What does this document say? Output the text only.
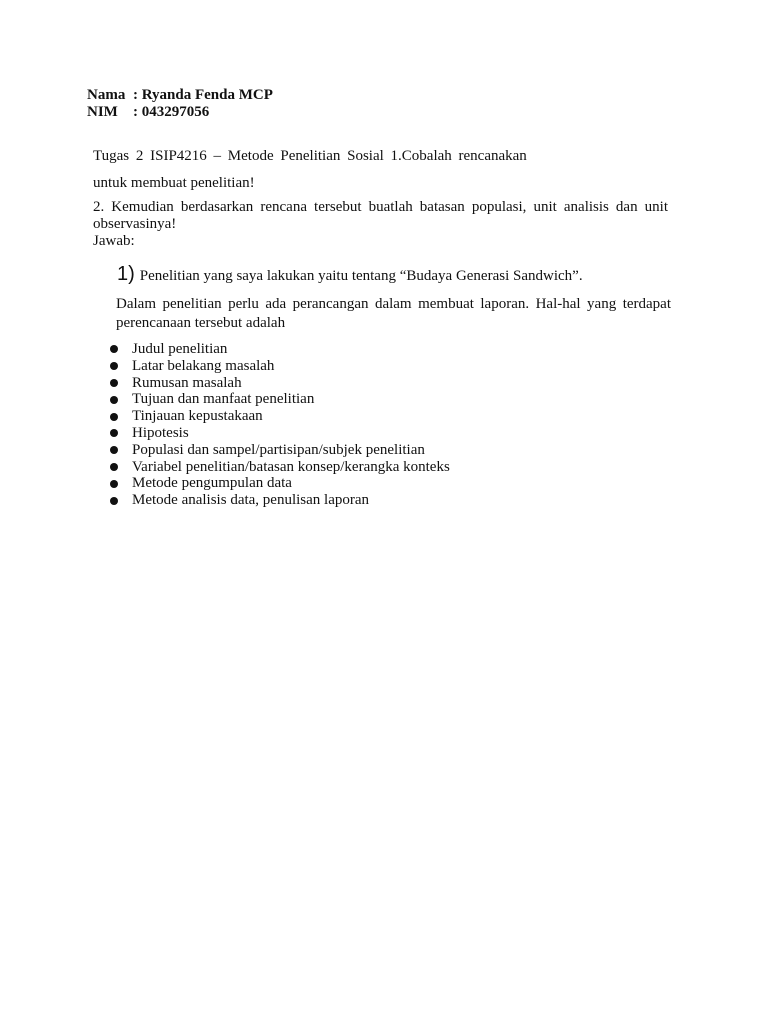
Nama : Ryanda Fenda MCP
NIM	: 043297056
Tugas 2 ISIP4216 – Metode Penelitian Sosial 1.Cobalah rencanakan
untuk membuat penelitian!
2. Kemudian berdasarkan rencana tersebut buatlah batasan populasi, unit analisis dan unit observasinya!
Jawab:
1) Penelitian yang saya lakukan yaitu tentang “Budaya Generasi Sandwich”.
Dalam penelitian perlu ada perancangan dalam membuat laporan. Hal-hal yang terdapat perencanaan tersebut adalah
Judul penelitian
Latar belakang masalah
Rumusan masalah
Tujuan dan manfaat penelitian
Tinjauan kepustakaan
Hipotesis
Populasi dan sampel/partisipan/subjek penelitian
Variabel penelitian/batasan konsep/kerangka konteks
Metode pengumpulan data
Metode analisis data, penulisan laporan
